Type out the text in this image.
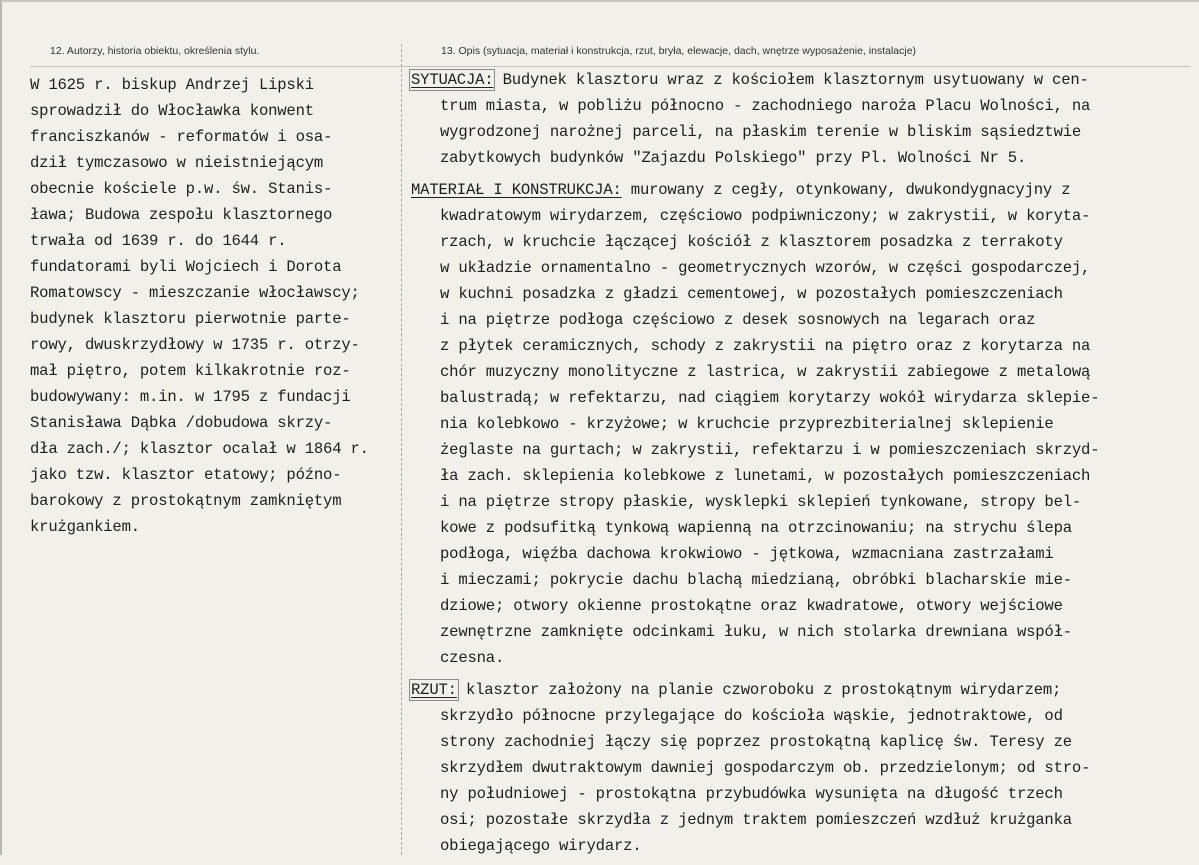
12. Autorzy, historia obiektu, określenia stylu.	13. Opis (sytuacja, materiał i konstrukcja, rzut, bryła, elewacje, dach, wnętrze wyposażenie, instalacje)
W 1625 r. biskup Andrzej Lipski
sprowadził do Włocławka konwent
franciszkanów - reformatów i osa-
dził tymczasowo w nieistniejącym
obecnie kościele p.w. św. Stanis-
ława; Budowa zespołu klasztornego
trwała od 1639 r. do 1644 r.
fundatorami byli Wojciech i Dorota
Romatowscy - mieszczanie włocławscy;
budynek klasztoru pierwotnie parte-
rowy, dwuskrzydłowy w 1735 r. otrzy-
mał piętro, potem kilkakrotnie roz-
budowywany: m.in. w 1795 z fundacji
Stanisława Dąbka /dobudowa skrzy-
dła zach./; klasztor ocalał w 1864 r.
jako tzw. klasztor etatowy; późno-
barokowy z prostokątnym zamkniętym
krużgankiem.
SYTUACJA: Budynek klasztoru wraz z kościołem klasztornym usytuowany w cen-
trum miasta, w pobliżu północno - zachodniego naroża Placu Wolności, na
wygrodzonej narożnej parceli, na płaskim terenie w bliskim sąsiedztwie
zabytkowych budynków "Zajazdu Polskiego" przy Pl. Wolności Nr 5.
MATERIAŁ I KONSTRUKCJA: murowany z cegły, otynkowany, dwukondygnacyjny z
kwadratowym wirydarzem, częściowo podpiwniczony; w zakrystii, w koryta-
rzach, w kruchcie łączącej kościół z klasztorem posadzka z terrakoty
w układzie ornamentalno - geometrycznych wzorów, w części gospodarczej,
w kuchni posadzka z gładzi cementowej, w pozostałych pomieszczeniach
i na piętrze podłoga częściowo z desek sosnowych na legarach oraz
z płytek ceramicznych, schody z zakrystii na piętro oraz z korytarza na
chór muzyczny monolityczne z lastrica, w zakrystii zabiegowe z metalową
balustradą; w refektarzu, nad ciągiem korytarzy wokół wirydarza sklepie-
nia kolebkowo - krzyżowe; w kruchcie przyprezbiterialnej sklepienie
żeglaste na gurtach; w zakrystii, refektarzu i w pomieszczeniach skrzyd-
ła zach. sklepienia kolebkowe z lunetami, w pozostałych pomieszczeniach
i na piętrze stropy płaskie, wysklepki sklepień tynkowane, stropy bel-
kowe z podsufitką tynkową wapienną na otrzcinowaniu; na strychu ślepa
podłoga, więźba dachowa krokwiowo - jętkowa, wzmacniana zastrzałami
i mieczami; pokrycie dachu blachą miedzianą, obróbki blacharskie mie-
dziowe; otwory okienne prostokątne oraz kwadratowe, otwory wejściowe
zewnętrzne zamknięte odcinkami łuku, w nich stolarka drewniana współ-
czesna.
RZUT: klasztor założony na planie czworoboku z prostokątnym wirydarzem;
skrzydło północne przylegające do kościoła wąskie, jednotraktowe, od
strony zachodniej łączy się poprzez prostokątną kaplicę św. Teresy ze
skrzydłem dwutraktowym dawniej gospodarczym ob. przedzielonym; od stro-
ny południowej - prostokątna przybudówka wysunięta na długość trzech
osi; pozostałe skrzydła z jednym traktem pomieszczeń wzdłuż krużganka
obiegającego wirydarz.
